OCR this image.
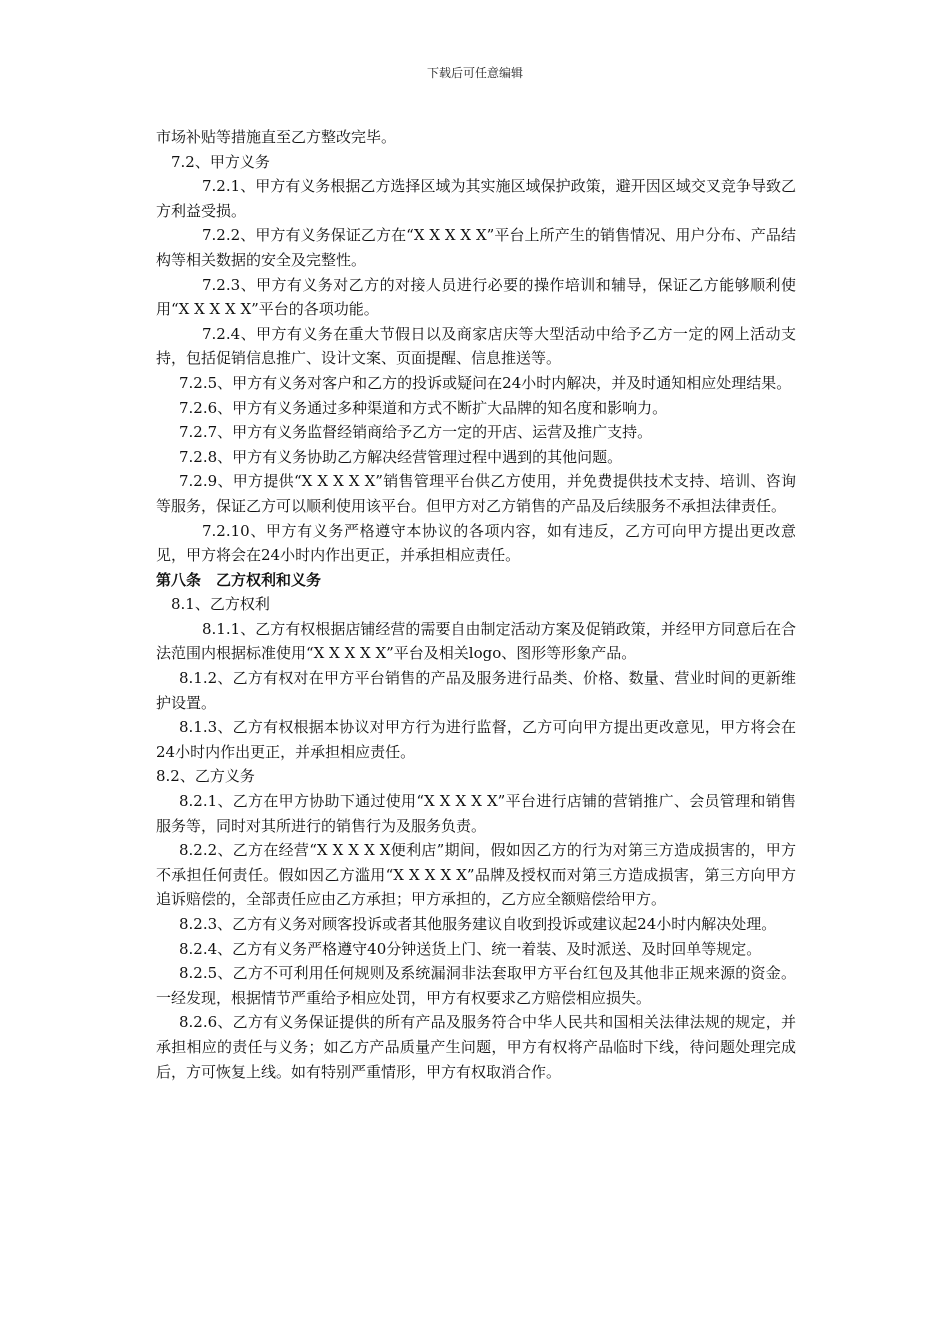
下载后可任意编辑

市场补贴等措施直至乙方整改完毕。

7.2、甲方义务

7.2.1、甲方有义务根据乙方选择区域为其实施区域保护政策，避开因区域交叉竞争导致乙方利益受损。

7.2.2、甲方有义务保证乙方在“X X X X X”平台上所产生的销售情况、用户分布、产品结构等相关数据的安全及完整性。

7.2.3、甲方有义务对乙方的对接人员进行必要的操作培训和辅导，保证乙方能够顺利使用“X X X X X”平台的各项功能。

7.2.4、甲方有义务在重大节假日以及商家店庆等大型活动中给予乙方一定的网上活动支持，包括促销信息推广、设计文案、页面提醒、信息推送等。

7.2.5、甲方有义务对客户和乙方的投诉或疑问在24小时内解决，并及时通知相应处理结果。

7.2.6、甲方有义务通过多种渠道和方式不断扩大品牌的知名度和影响力。

7.2.7、甲方有义务监督经销商给予乙方一定的开店、运营及推广支持。

7.2.8、甲方有义务协助乙方解决经营管理过程中遇到的其他问题。

7.2.9、甲方提供“X X X X X”销售管理平台供乙方使用，并免费提供技术支持、培训、咨询等服务，保证乙方可以顺利使用该平台。但甲方对乙方销售的产品及后续服务不承担法律责任。

7.2.10、甲方有义务严格遵守本协议的各项内容，如有违反，乙方可向甲方提出更改意见，甲方将会在24小时内作出更正，并承担相应责任。

第八条　乙方权利和义务

8.1、乙方权利

8.1.1、乙方有权根据店铺经营的需要自由制定活动方案及促销政策，并经甲方同意后在合法范围内根据标准使用“X X X X X”平台及相关logo、图形等形象产品。

8.1.2、乙方有权对在甲方平台销售的产品及服务进行品类、价格、数量、营业时间的更新维护设置。

8.1.3、乙方有权根据本协议对甲方行为进行监督，乙方可向甲方提出更改意见，甲方将会在24小时内作出更正，并承担相应责任。

8.2、乙方义务

8.2.1、乙方在甲方协助下通过使用“X X X X X”平台进行店铺的营销推广、会员管理和销售服务等，同时对其所进行的销售行为及服务负责。

8.2.2、乙方在经营“X X X X X便利店”期间，假如因乙方的行为对第三方造成损害的，甲方不承担任何责任。假如因乙方滥用“X X X X X”品牌及授权而对第三方造成损害，第三方向甲方追诉赔偿的，全部责任应由乙方承担；甲方承担的，乙方应全额赔偿给甲方。

8.2.3、乙方有义务对顾客投诉或者其他服务建议自收到投诉或建议起24小时内解决处理。

8.2.4、乙方有义务严格遵守40分钟送货上门、统一着装、及时派送、及时回单等规定。

8.2.5、乙方不可利用任何规则及系统漏洞非法套取甲方平台红包及其他非正规来源的资金。一经发现，根据情节严重给予相应处罚，甲方有权要求乙方赔偿相应损失。

8.2.6、乙方有义务保证提供的所有产品及服务符合中华人民共和国相关法律法规的规定，并承担相应的责任与义务；如乙方产品质量产生问题，甲方有权将产品临时下线，待问题处理完成后，方可恢复上线。如有特别严重情形，甲方有权取消合作。
